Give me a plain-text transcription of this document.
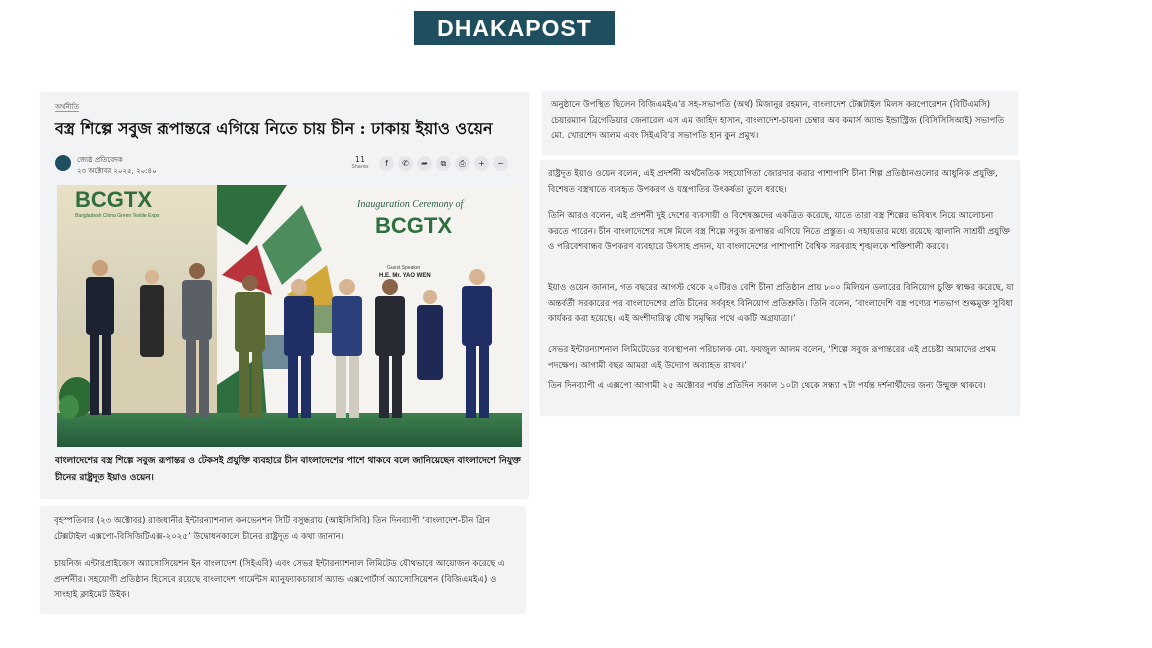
DHAKAPOST
অর্থনীতি
বস্ত্র শিল্পে সবুজ রূপান্তরে এগিয়ে নিতে চায় চীন : ঢাকায় ইয়াও ওয়েন
জ্যেষ্ঠ প্রতিবেদক
২৩ অক্টোবর ২০২৫, ২০:৪০
11
Shares	f	✆	➦	⧉	⎙	+	−
BCGTX
Bangladesh China Green Textile Expo
Inauguration Ceremony of
BCGTX
Guest Speaker
H.E. Mr. YAO WEN
বাংলাদেশের বস্ত্র শিল্পে সবুজ রূপান্তর ও টেকসই প্রযুক্তি ব্যবহারে চীন বাংলাদেশের পাশে থাকবে বলে জানিয়েছেন বাংলাদেশে নিযুক্ত চীনের রাষ্ট্রদূত ইয়াও ওয়েন।
বৃহস্পতিবার (২৩ অক্টোবর) রাজধানীর ইন্টারন্যাশনাল কনভেনশন সিটি বসুন্ধরায় (আইসিসিবি) তিন দিনব্যাপী ‘বাংলাদেশ-চীন গ্রিন টেক্সটাইল এক্সপো-বিসিজিটিএক্স-২০২৫’ উদ্বোধনকালে চীনের রাষ্ট্রদূত এ কথা জানান।
চায়নিজ এন্টারপ্রাইজেস অ্যাসোসিয়েশন ইন বাংলাদেশ (সিইএবি) এবং সেভর ইন্টারন্যাশনাল লিমিটেড যৌথভাবে আয়োজন করেছে এ প্রদর্শনীর। সহযোগী প্রতিষ্ঠান হিসেবে রয়েছে বাংলাদেশ গার্মেন্টস ম্যানুফ্যাকচারার্স অ্যান্ড এক্সপোর্টার্স অ্যাসোসিয়েশন (বিজিএমইএ) ও সাংহাই ক্লাইমেট উইক।
অনুষ্ঠানে উপস্থিত ছিলেন বিজিএমইএ’র সহ-সভাপতি (অর্থ) মিজানুর রহমান, বাংলাদেশ টেক্সটাইল মিলস করপোরেশন (বিটিএমসি) চেয়ারম্যান ব্রিগেডিয়ার জেনারেল এস এম জাহিদ হাসান, বাংলাদেশ-চায়না চেম্বার অব কমার্স অ্যান্ড ইন্ডাস্ট্রিজ (বিসিসিসিআই) সভাপতি মো. খোরশেদ আলম এবং সিইএবি’র সভাপতি হান কুন প্রমুখ।
রাষ্ট্রদূত ইয়াও ওয়েন বলেন, এই প্রদর্শনী অর্থনৈতিক সহযোগিতা জোরদার করার পাশাপাশি চীনা শিল্প প্রতিষ্ঠানগুলোর আধুনিক প্রযুক্তি, বিশেষত বস্ত্রখাতে ব্যবহৃত উপকরণ ও যন্ত্রপাতির উৎকর্ষতা তুলে ধরছে।
তিনি আরও বলেন, এই প্রদর্শনী দুই দেশের ব্যবসায়ী ও বিশেষজ্ঞদের একত্রিত করেছে, যাতে তারা বস্ত্র শিল্পের ভবিষ্যৎ নিয়ে আলোচনা করতে পারেন। চীন বাংলাদেশের সঙ্গে মিলে বস্ত্র শিল্পে সবুজ রূপান্তর এগিয়ে নিতে প্রস্তুত। এ সহায়তার মধ্যে রয়েছে জ্বালানি সাশ্রয়ী প্রযুক্তি ও পরিবেশবান্ধব উপকরণ ব্যবহারে উৎসাহ প্রদান, যা বাংলাদেশের পাশাপাশি বৈশ্বিক সরবরাহ শৃঙ্খলকে শক্তিশালী করবে।
ইয়াও ওয়েন জানান, গত বছরের আগস্ট থেকে ২০টিরও বেশি চীনা প্রতিষ্ঠান প্রায় ৮০০ মিলিয়ন ডলারের বিনিয়োগ চুক্তি স্বাক্ষর করেছে, যা অন্তর্বর্তী সরকারের পর বাংলাদেশের প্রতি চীনের সর্ববৃহৎ বিনিয়োগ প্রতিশ্রুতি। তিনি বলেন, ‘বাংলাদেশি বস্ত্র পণ্যের শতভাগ শুল্কমুক্ত সুবিধা কার্যকর করা হয়েছে। এই অংশীদারিত্ব যৌথ সমৃদ্ধির পথে একটি অগ্রযাত্রা।’
সেভর ইন্টারন্যাশনাল লিমিটেডের ব্যবস্থাপনা পরিচালক মো. ফয়জুল আলম বলেন, ‘শিল্পে সবুজ রূপান্তরের এই প্রচেষ্টা আমাদের প্রথম পদক্ষেপ। আগামী বছর আমরা এই উদ্যোগ অব্যাহত রাখব।’
তিন দিনব্যাপী এ এক্সপো আগামী ২৫ অক্টোবর পর্যন্ত প্রতিদিন সকাল ১০টা থেকে সন্ধ্যা ৭টা পর্যন্ত দর্শনার্থীদের জন্য উন্মুক্ত থাকবে।
